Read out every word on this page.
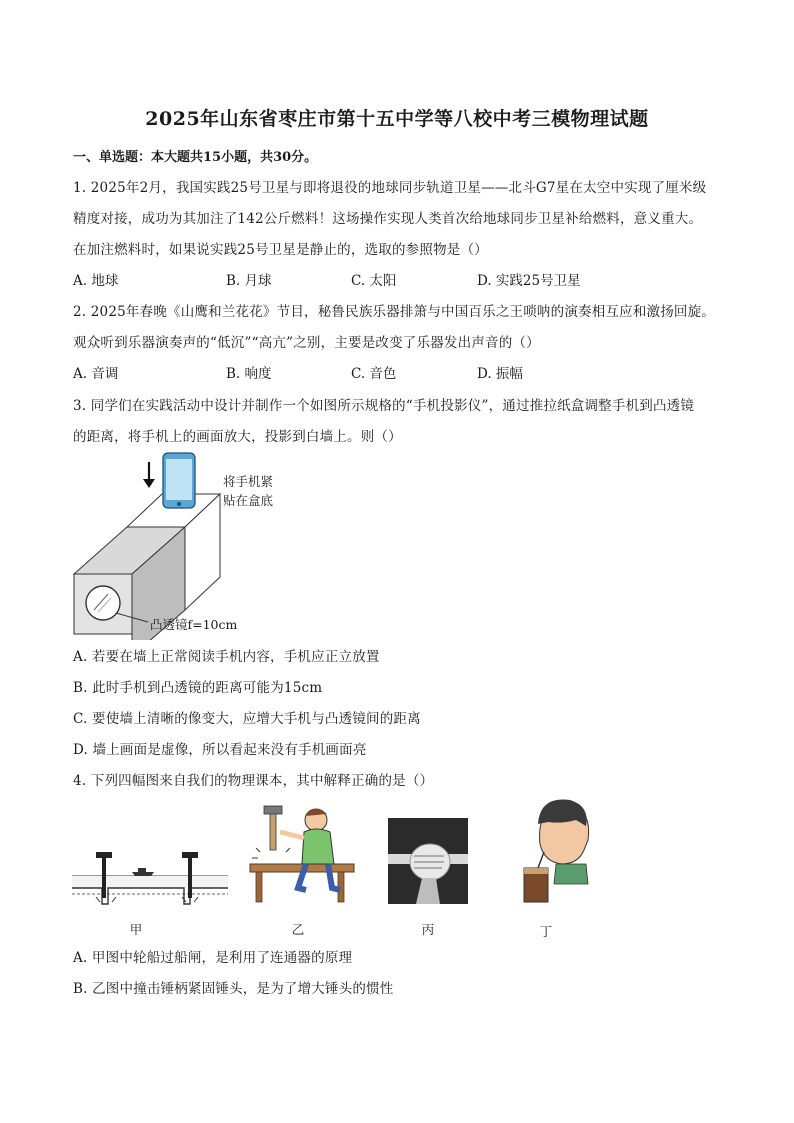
2025年山东省枣庄市第十五中学等八校中考三模物理试题
一、单选题：本大题共15小题，共30分。
1. 2025年2月，我国实践25号卫星与即将退役的地球同步轨道卫星——北斗G7星在太空中实现了厘米级
精度对接，成功为其加注了142公斤燃料！这场操作实现人类首次给地球同步卫星补给燃料，意义重大。
在加注燃料时，如果说实践25号卫星是静止的，选取的参照物是（）
A. 地球	B. 月球	C. 太阳	D. 实践25号卫星
2. 2025年春晚《山鹰和兰花花》节目，秘鲁民族乐器排箫与中国百乐之王唢呐的演奏相互应和激扬回旋。
观众听到乐器演奏声的“低沉”“高亢”之别，主要是改变了乐器发出声音的（）
A. 音调	B. 响度	C. 音色	D. 振幅
3. 同学们在实践活动中设计并制作一个如图所示规格的“手机投影仪”，通过推拉纸盒调整手机到凸透镜
的距离，将手机上的画面放大，投影到白墙上。则（）
将手机紧
贴在盒底
凸透镜f=10cm
A. 若要在墙上正常阅读手机内容，手机应正立放置
B. 此时手机到凸透镜的距离可能为15cm
C. 要使墙上清晰的像变大，应增大手机与凸透镜间的距离
D. 墙上画面是虚像，所以看起来没有手机画面亮
4. 下列四幅图来自我们的物理课本，其中解释正确的是（）
甲	乙	丙	丁
A. 甲图中轮船过船闸，是利用了连通器的原理
B. 乙图中撞击锤柄紧固锤头，是为了增大锤头的惯性
